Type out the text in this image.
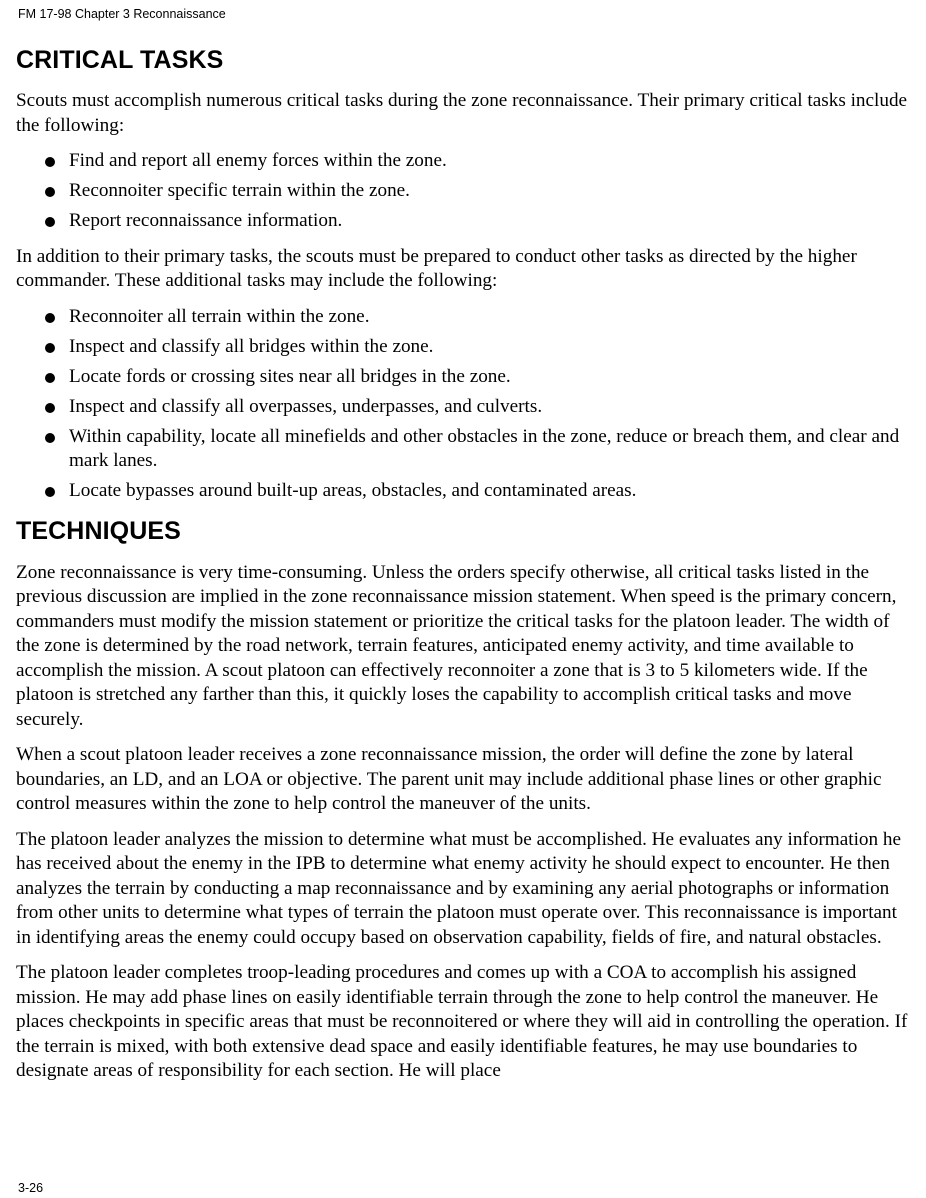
FM 17-98 Chapter 3 Reconnaissance
CRITICAL TASKS

Scouts must accomplish numerous critical tasks during the zone reconnaissance. Their primary critical tasks include the following:

Find and report all enemy forces within the zone.
Reconnoiter specific terrain within the zone.
Report reconnaissance information.

In addition to their primary tasks, the scouts must be prepared to conduct other tasks as directed by the higher commander. These additional tasks may include the following:

Reconnoiter all terrain within the zone.
Inspect and classify all bridges within the zone.
Locate fords or crossing sites near all bridges in the zone.
Inspect and classify all overpasses, underpasses, and culverts.
Within capability, locate all minefields and other obstacles in the zone, reduce or breach them, and clear and mark lanes.
Locate bypasses around built-up areas, obstacles, and contaminated areas.
TECHNIQUES

Zone reconnaissance is very time-consuming. Unless the orders specify otherwise, all critical tasks listed in the previous discussion are implied in the zone reconnaissance mission statement. When speed is the primary concern, commanders must modify the mission statement or prioritize the critical tasks for the platoon leader. The width of the zone is determined by the road network, terrain features, anticipated enemy activity, and time available to accomplish the mission. A scout platoon can effectively reconnoiter a zone that is 3 to 5 kilometers wide. If the platoon is stretched any farther than this, it quickly loses the capability to accomplish critical tasks and move securely.

When a scout platoon leader receives a zone reconnaissance mission, the order will define the zone by lateral boundaries, an LD, and an LOA or objective. The parent unit may include additional phase lines or other graphic control measures within the zone to help control the maneuver of the units.

The platoon leader analyzes the mission to determine what must be accomplished. He evaluates any information he has received about the enemy in the IPB to determine what enemy activity he should expect to encounter. He then analyzes the terrain by conducting a map reconnaissance and by examining any aerial photographs or information from other units to determine what types of terrain the platoon must operate over. This reconnaissance is important in identifying areas the enemy could occupy based on observation capability, fields of fire, and natural obstacles.

The platoon leader completes troop-leading procedures and comes up with a COA to accomplish his assigned mission. He may add phase lines on easily identifiable terrain through the zone to help control the maneuver. He places checkpoints in specific areas that must be reconnoitered or where they will aid in controlling the operation. If the terrain is mixed, with both extensive dead space and easily identifiable features, he may use boundaries to designate areas of responsibility for each section. He will place

3-26
